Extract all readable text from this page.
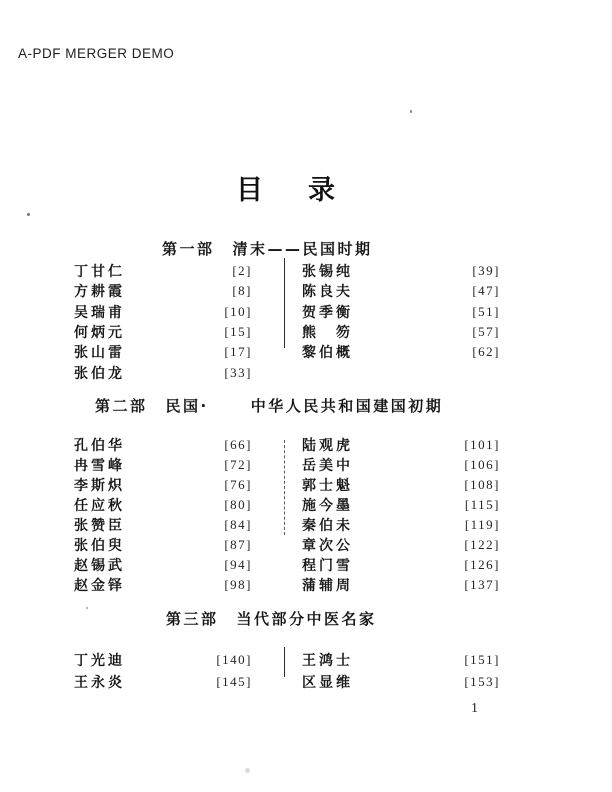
A-PDF MERGER DEMO
目　录
第一部 清末——民国时期
丁甘仁	[2]
方耕霞	[8]
吴瑞甫	[10]
何炳元	[15]
张山雷	[17]
张伯龙	[33]
张锡纯	[39]
陈良夫	[47]
贺季衡	[51]
熊　笏	[57]
黎伯概	[62]
第二部 民国·	中华人民共和国建国初期
孔伯华	[66]
冉雪峰	[72]
李斯炽	[76]
任应秋	[80]
张赞臣	[84]
张伯臾	[87]
赵锡武	[94]
赵金铎	[98]
陆观虎	[101]
岳美中	[106]
郭士魁	[108]
施今墨	[115]
秦伯未	[119]
章次公	[122]
程门雪	[126]
蒲辅周	[137]
第三部 当代部分中医名家
丁光迪	[140]
王永炎	[145]
王鸿士	[151]
区显维	[153]
1
